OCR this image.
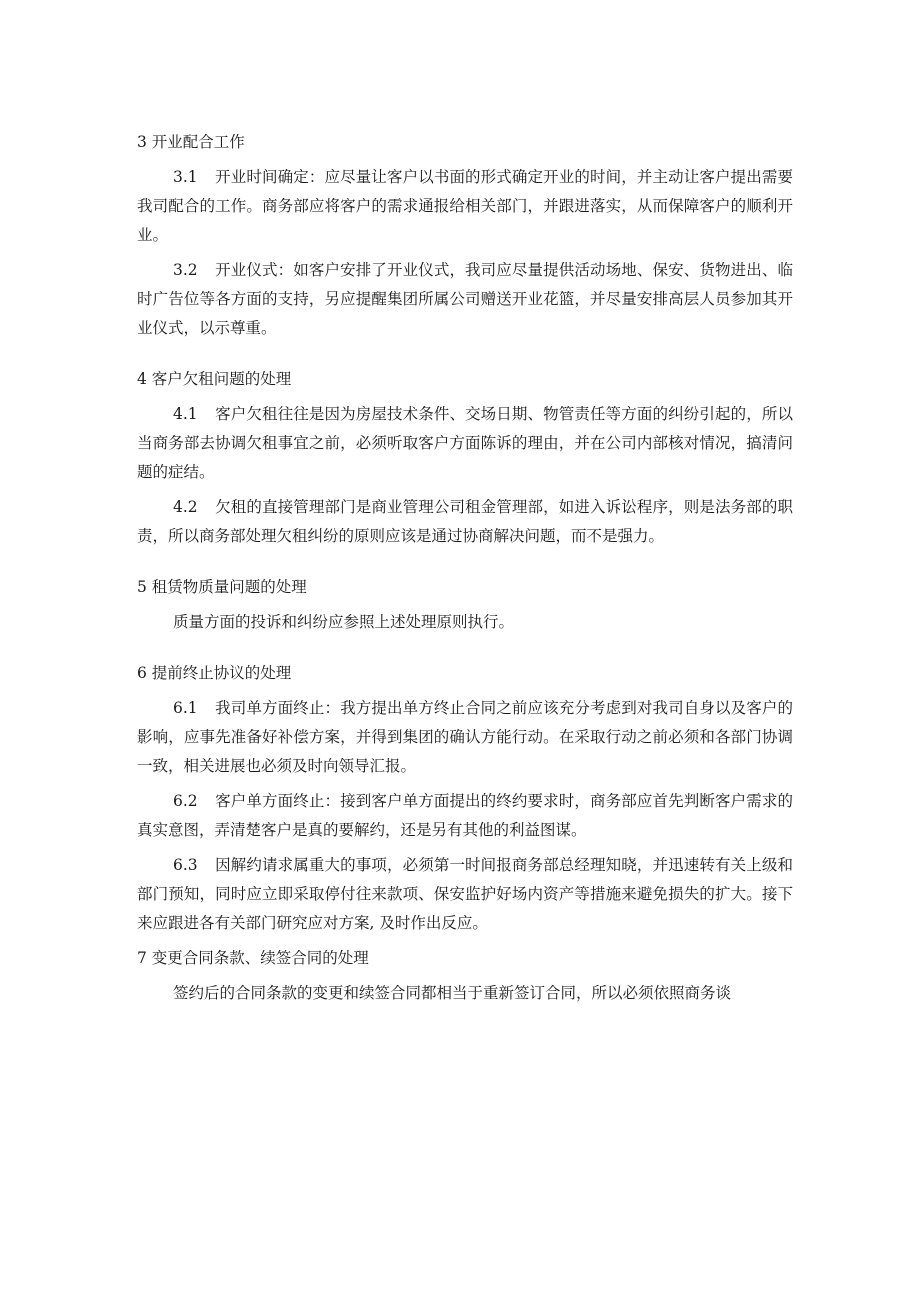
3 开业配合工作

3.1 开业时间确定：应尽量让客户以书面的形式确定开业的时间，并主动让客户提出需要我司配合的工作。商务部应将客户的需求通报给相关部门，并跟进落实，从而保障客户的顺利开业。

3.2 开业仪式：如客户安排了开业仪式，我司应尽量提供活动场地、保安、货物进出、临时广告位等各方面的支持，另应提醒集团所属公司赠送开业花篮，并尽量安排高层人员参加其开业仪式，以示尊重。

4 客户欠租问题的处理

4.1 客户欠租往往是因为房屋技术条件、交场日期、物管责任等方面的纠纷引起的，所以当商务部去协调欠租事宜之前，必须听取客户方面陈诉的理由，并在公司内部核对情况，搞清问题的症结。

4.2 欠租的直接管理部门是商业管理公司租金管理部，如进入诉讼程序，则是法务部的职责，所以商务部处理欠租纠纷的原则应该是通过协商解决问题，而不是强力。

5 租赁物质量问题的处理

质量方面的投诉和纠纷应参照上述处理原则执行。

6 提前终止协议的处理

6.1 我司单方面终止：我方提出单方终止合同之前应该充分考虑到对我司自身以及客户的影响，应事先准备好补偿方案，并得到集团的确认方能行动。在采取行动之前必须和各部门协调一致，相关进展也必须及时向领导汇报。

6.2 客户单方面终止：接到客户单方面提出的终约要求时，商务部应首先判断客户需求的真实意图，弄清楚客户是真的要解约，还是另有其他的利益图谋。

6.3 因解约请求属重大的事项，必须第一时间报商务部总经理知晓，并迅速转有关上级和部门预知，同时应立即采取停付往来款项、保安监护好场内资产等措施来避免损失的扩大。接下来应跟进各有关部门研究应对方案, 及时作出反应。

7 变更合同条款、续签合同的处理

签约后的合同条款的变更和续签合同都相当于重新签订合同，所以必须依照商务谈
